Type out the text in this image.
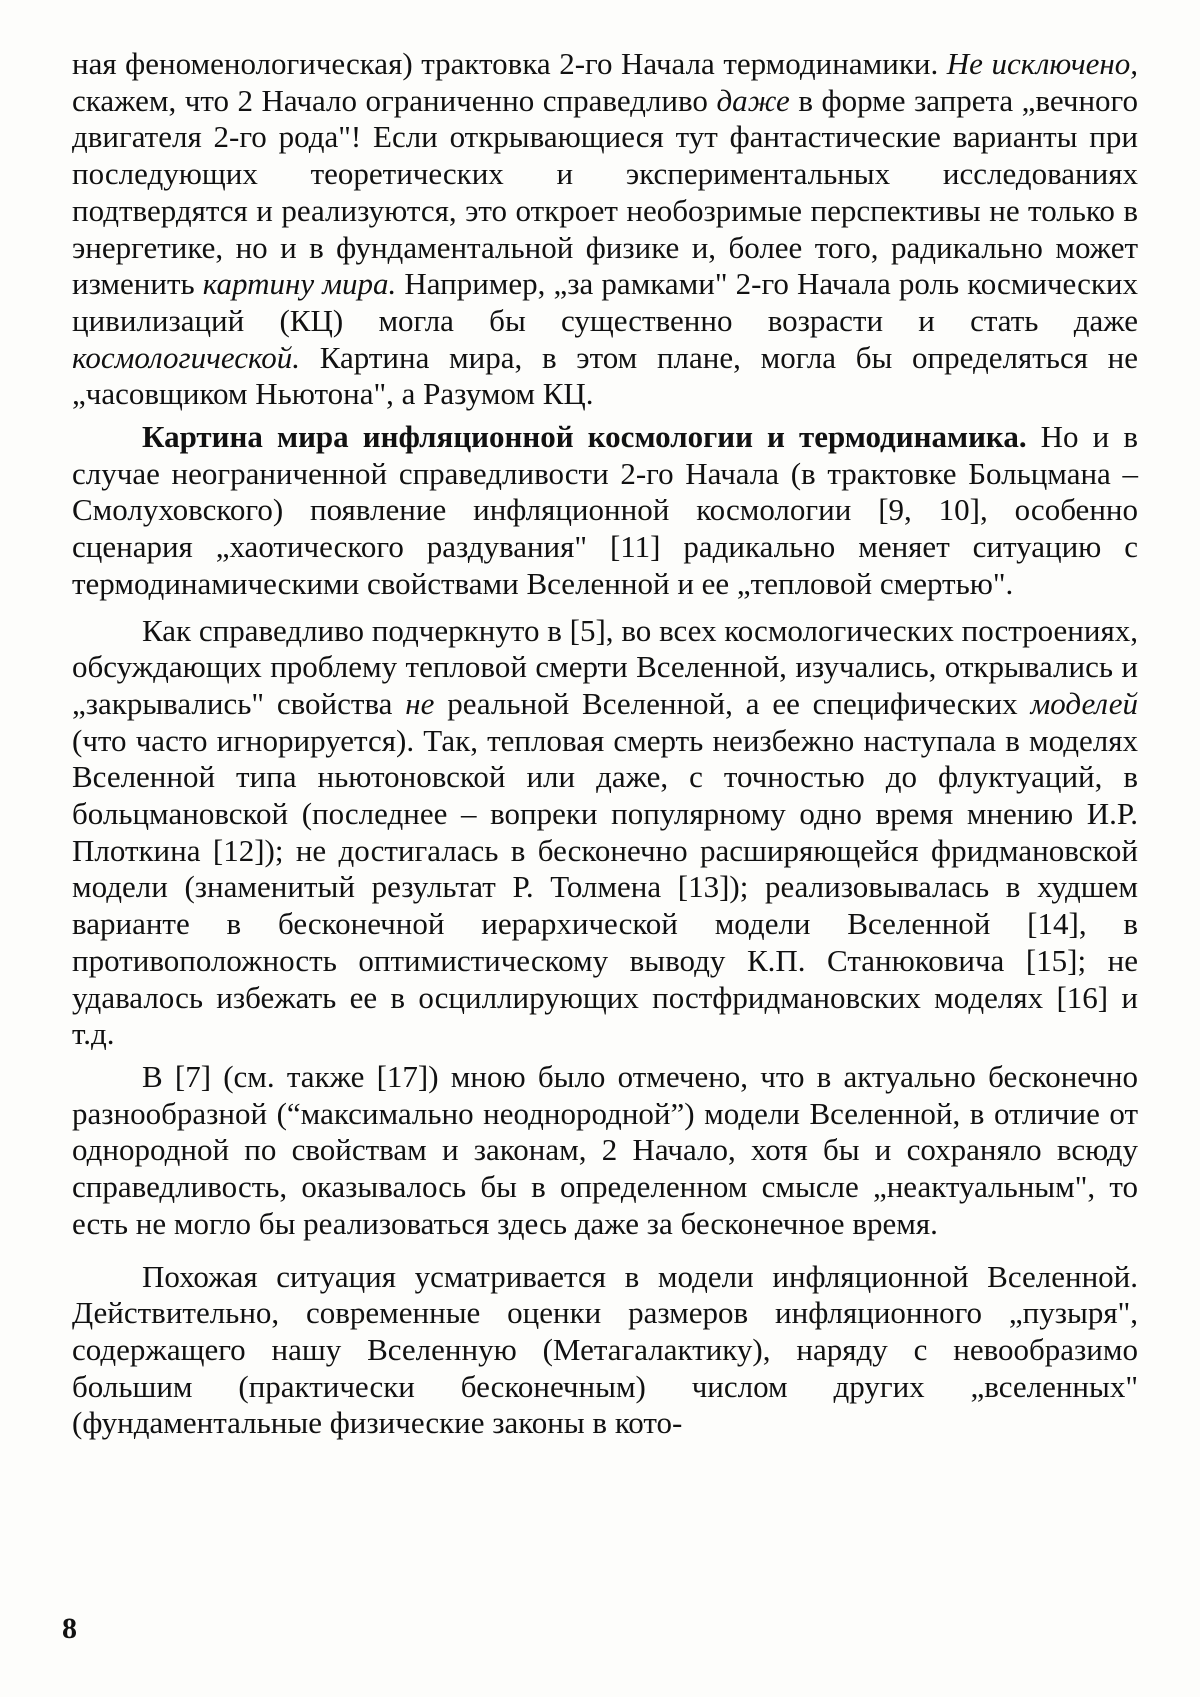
ная феноменологическая) трактовка 2-го Начала термодинамики. Не исключено, скажем, что 2 Начало ограниченно справедливо даже в форме запрета „вечного двигателя 2-го рода"! Если открывающиеся тут фантастические варианты при последующих теоретических и экспериментальных исследованиях подтвердятся и реализуются, это откроет необозримые перспективы не только в энергетике, но и в фундаментальной физике и, более того, радикально может изменить картину мира. Например, „за рамками" 2-го Начала роль космических цивилизаций (КЦ) могла бы существенно возрасти и стать даже космологической. Картина мира, в этом плане, могла бы определяться не „часовщиком Ньютона", а Разумом КЦ.

Картина мира инфляционной космологии и термодинамика. Но и в случае неограниченной справедливости 2-го Начала (в трактовке Больцмана – Смолуховского) появление инфляционной космологии [9, 10], особенно сценария „хаотического раздувания" [11] радикально меняет ситуацию с термодинамическими свойствами Вселенной и ее „тепловой смертью".

Как справедливо подчеркнуто в [5], во всех космологических построениях, обсуждающих проблему тепловой смерти Вселенной, изучались, открывались и „закрывались" свойства не реальной Вселенной, а ее специфических моделей (что часто игнорируется). Так, тепловая смерть неизбежно наступала в моделях Вселенной типа ньютоновской или даже, с точностью до флуктуаций, в больцмановской (последнее – вопреки популярному одно время мнению И.Р. Плоткина [12]); не достигалась в бесконечно расширяющейся фридмановской модели (знаменитый результат Р. Толмена [13]); реализовывалась в худшем варианте в бесконечной иерархической модели Вселенной [14], в противоположность оптимистическому выводу К.П. Станюковича [15]; не удавалось избежать ее в осциллирующих постфридмановских моделях [16] и т.д.

В [7] (см. также [17]) мною было отмечено, что в актуально бесконечно разнообразной (“максимально неоднородной”) модели Вселенной, в отличие от однородной по свойствам и законам, 2 Начало, хотя бы и сохраняло всюду справедливость, оказывалось бы в определенном смысле „неактуальным", то есть не могло бы реализоваться здесь даже за бесконечное время.

Похожая ситуация усматривается в модели инфляционной Вселенной. Действительно, современные оценки размеров инфляционного „пузыря", содержащего нашу Вселенную (Метагалактику), наряду с невообразимо большим (практически бесконечным) числом других „вселенных" (фундаментальные физические законы в кото-

8
